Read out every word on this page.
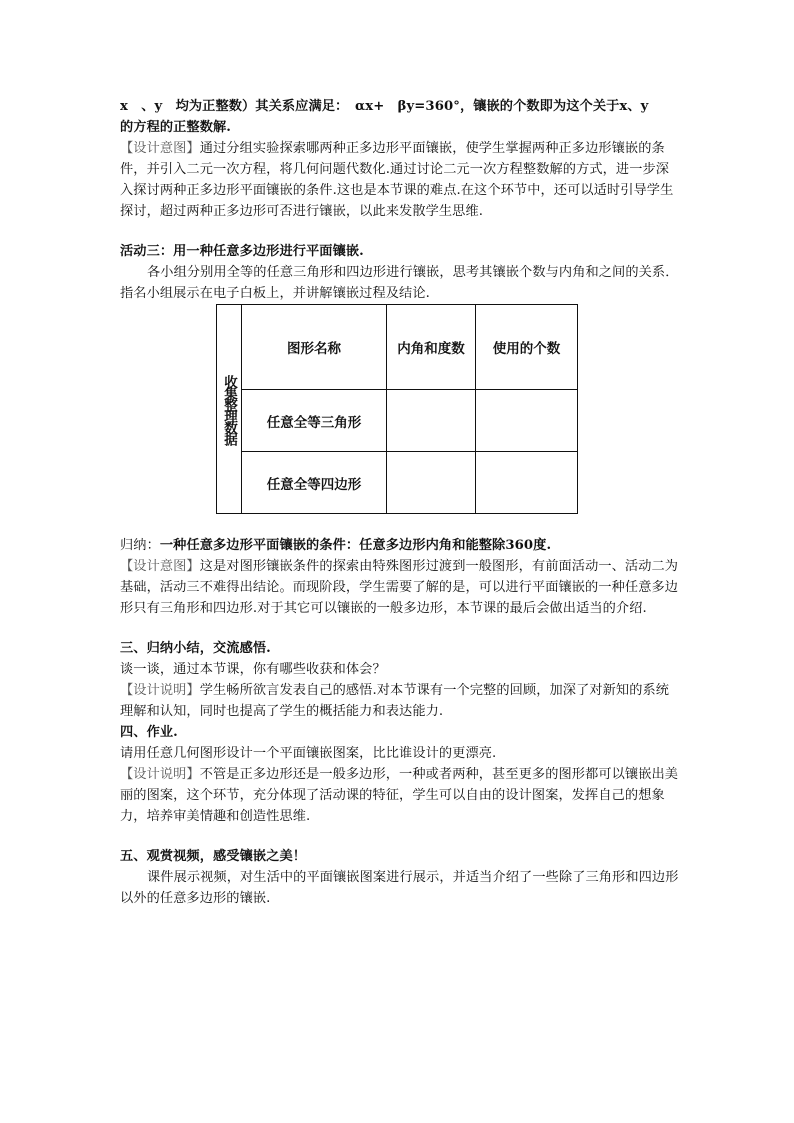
x　、y　均为正整数）其关系应满足：　αx+　βy=360°，镶嵌的个数即为这个关于x、y

的方程的正整数解.

【设计意图】通过分组实验探索哪两种正多边形平面镶嵌，使学生掌握两种正多边形镶嵌的条件，并引入二元一次方程，将几何问题代数化.通过讨论二元一次方程整数解的方式，进一步深入探讨两种正多边形平面镶嵌的条件.这也是本节课的难点.在这个环节中，还可以适时引导学生探讨，超过两种正多边形可否进行镶嵌，以此来发散学生思维.

活动三：用一种任意多边形进行平面镶嵌.

各小组分别用全等的任意三角形和四边形进行镶嵌，思考其镶嵌个数与内角和之间的关系．指名小组展示在电子白板上，并讲解镶嵌过程及结论.

归纳：一种任意多边形平面镶嵌的条件：任意多边形内角和能整除360度.

【设计意图】这是对图形镶嵌条件的探索由特殊图形过渡到一般图形，有前面活动一、活动二为基础，活动三不难得出结论。而现阶段，学生需要了解的是，可以进行平面镶嵌的一种任意多边形只有三角形和四边形.对于其它可以镶嵌的一般多边形，本节课的最后会做出适当的介绍.

三、归纳小结，交流感悟.

谈一谈，通过本节课，你有哪些收获和体会？

【设计说明】学生畅所欲言发表自己的感悟.对本节课有一个完整的回顾，加深了对新知的系统理解和认知，同时也提高了学生的概括能力和表达能力.

四、作业.

请用任意几何图形设计一个平面镶嵌图案，比比谁设计的更漂亮.

【设计说明】不管是正多边形还是一般多边形，一种或者两种，甚至更多的图形都可以镶嵌出美丽的图案，这个环节，充分体现了活动课的特征，学生可以自由的设计图案，发挥自己的想象力，培养审美情趣和创造性思维.

五、观赏视频，感受镶嵌之美！

课件展示视频，对生活中的平面镶嵌图案进行展示，并适当介绍了一些除了三角形和四边形以外的任意多边形的镶嵌.

收集整理数据	图形名称	内角和度数	使用的个数
	任意全等三角形		
	任意全等四边形		
